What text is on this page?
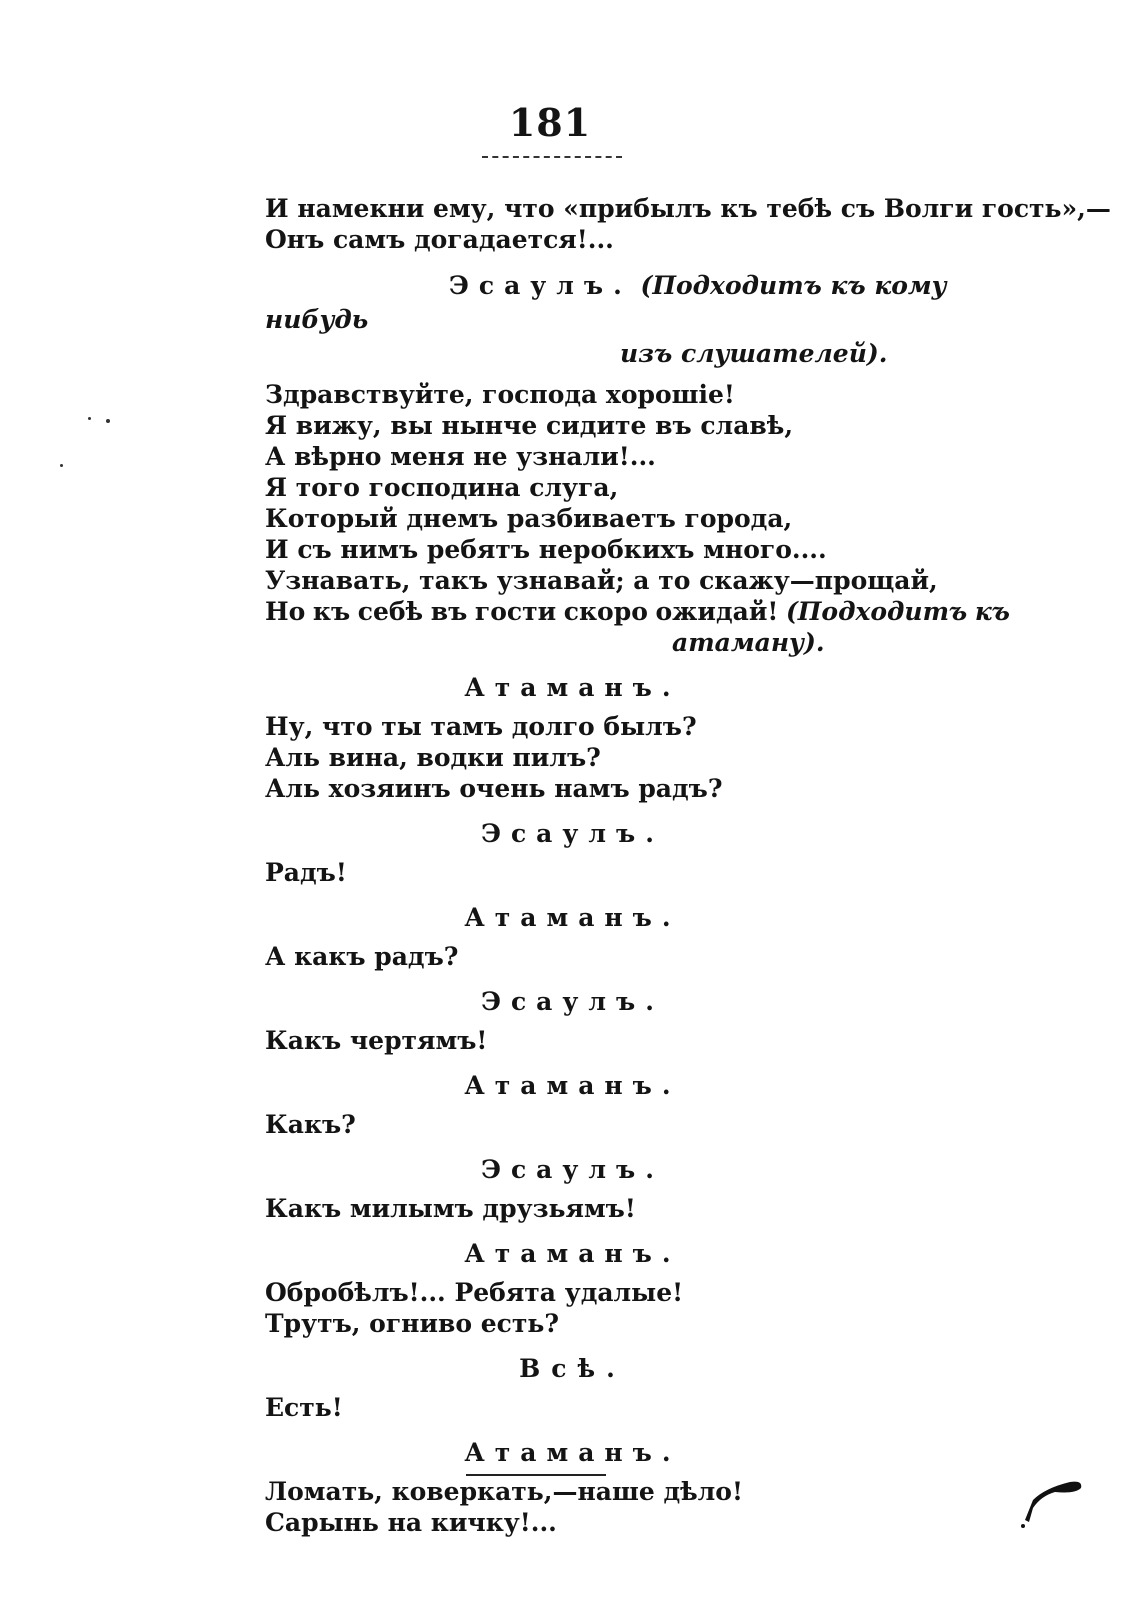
181
И намекни ему, что «прибылъ къ тебѣ съ Волги гость»,—
Онъ самъ догадается!...
Эсаулъ. (Подходитъ къ кому нибудь
изъ слушателей).
Здравствуйте, господа хорошіе!
Я вижу, вы нынче сидите въ славѣ,
А вѣрно меня не узнали!...
Я того господина слуга,
Который днемъ разбиваетъ города,
И съ нимъ ребятъ неробкихъ много....
Узнавать, такъ узнавай; а то скажу—прощай,
Но къ себѣ въ гости скоро ожидай! (Подходитъ къ
атаману).
Атаманъ.
Ну, что ты тамъ долго былъ?
Аль вина, водки пилъ?
Аль хозяинъ очень намъ радъ?
Эсаулъ.
Радъ!
Атаманъ.
А какъ радъ?
Эсаулъ.
Какъ чертямъ!
Атаманъ.
Какъ?
Эсаулъ.
Какъ милымъ друзьямъ!
Атаманъ.
Обробѣлъ!... Ребята удалые!
Трутъ, огниво есть?
Всѣ.
Есть!
Атаманъ.
Ломать, коверкать,—наше дѣло!
Сарынь на кичку!...
